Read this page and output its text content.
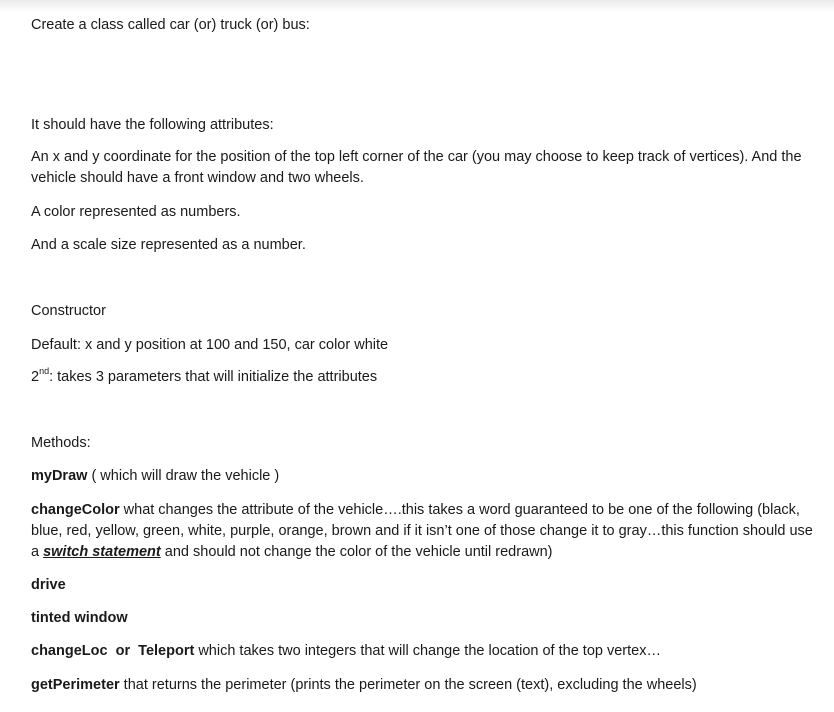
Create a class called car (or) truck (or) bus:
It should have the following attributes:
An x and y coordinate for the position of the top left corner of the car (you may choose to keep track of vertices). And the vehicle should have a front window and two wheels.
A color represented as numbers.
And a scale size represented as a number.
Constructor
Default: x and y position at 100 and 150, car color white
2nd: takes 3 parameters that will initialize the attributes
Methods:
myDraw ( which will draw the vehicle )
changeColor what changes the attribute of the vehicle….this takes a word guaranteed to be one of the following (black, blue, red, yellow, green, white, purple, orange, brown and if it isn’t one of those change it to gray…this function should use a switch statement and should not change the color of the vehicle until redrawn)
drive
tinted window
changeLoc  or  Teleport which takes two integers that will change the location of the top vertex…
getPerimeter that returns the perimeter (prints the perimeter on the screen (text), excluding the wheels)
